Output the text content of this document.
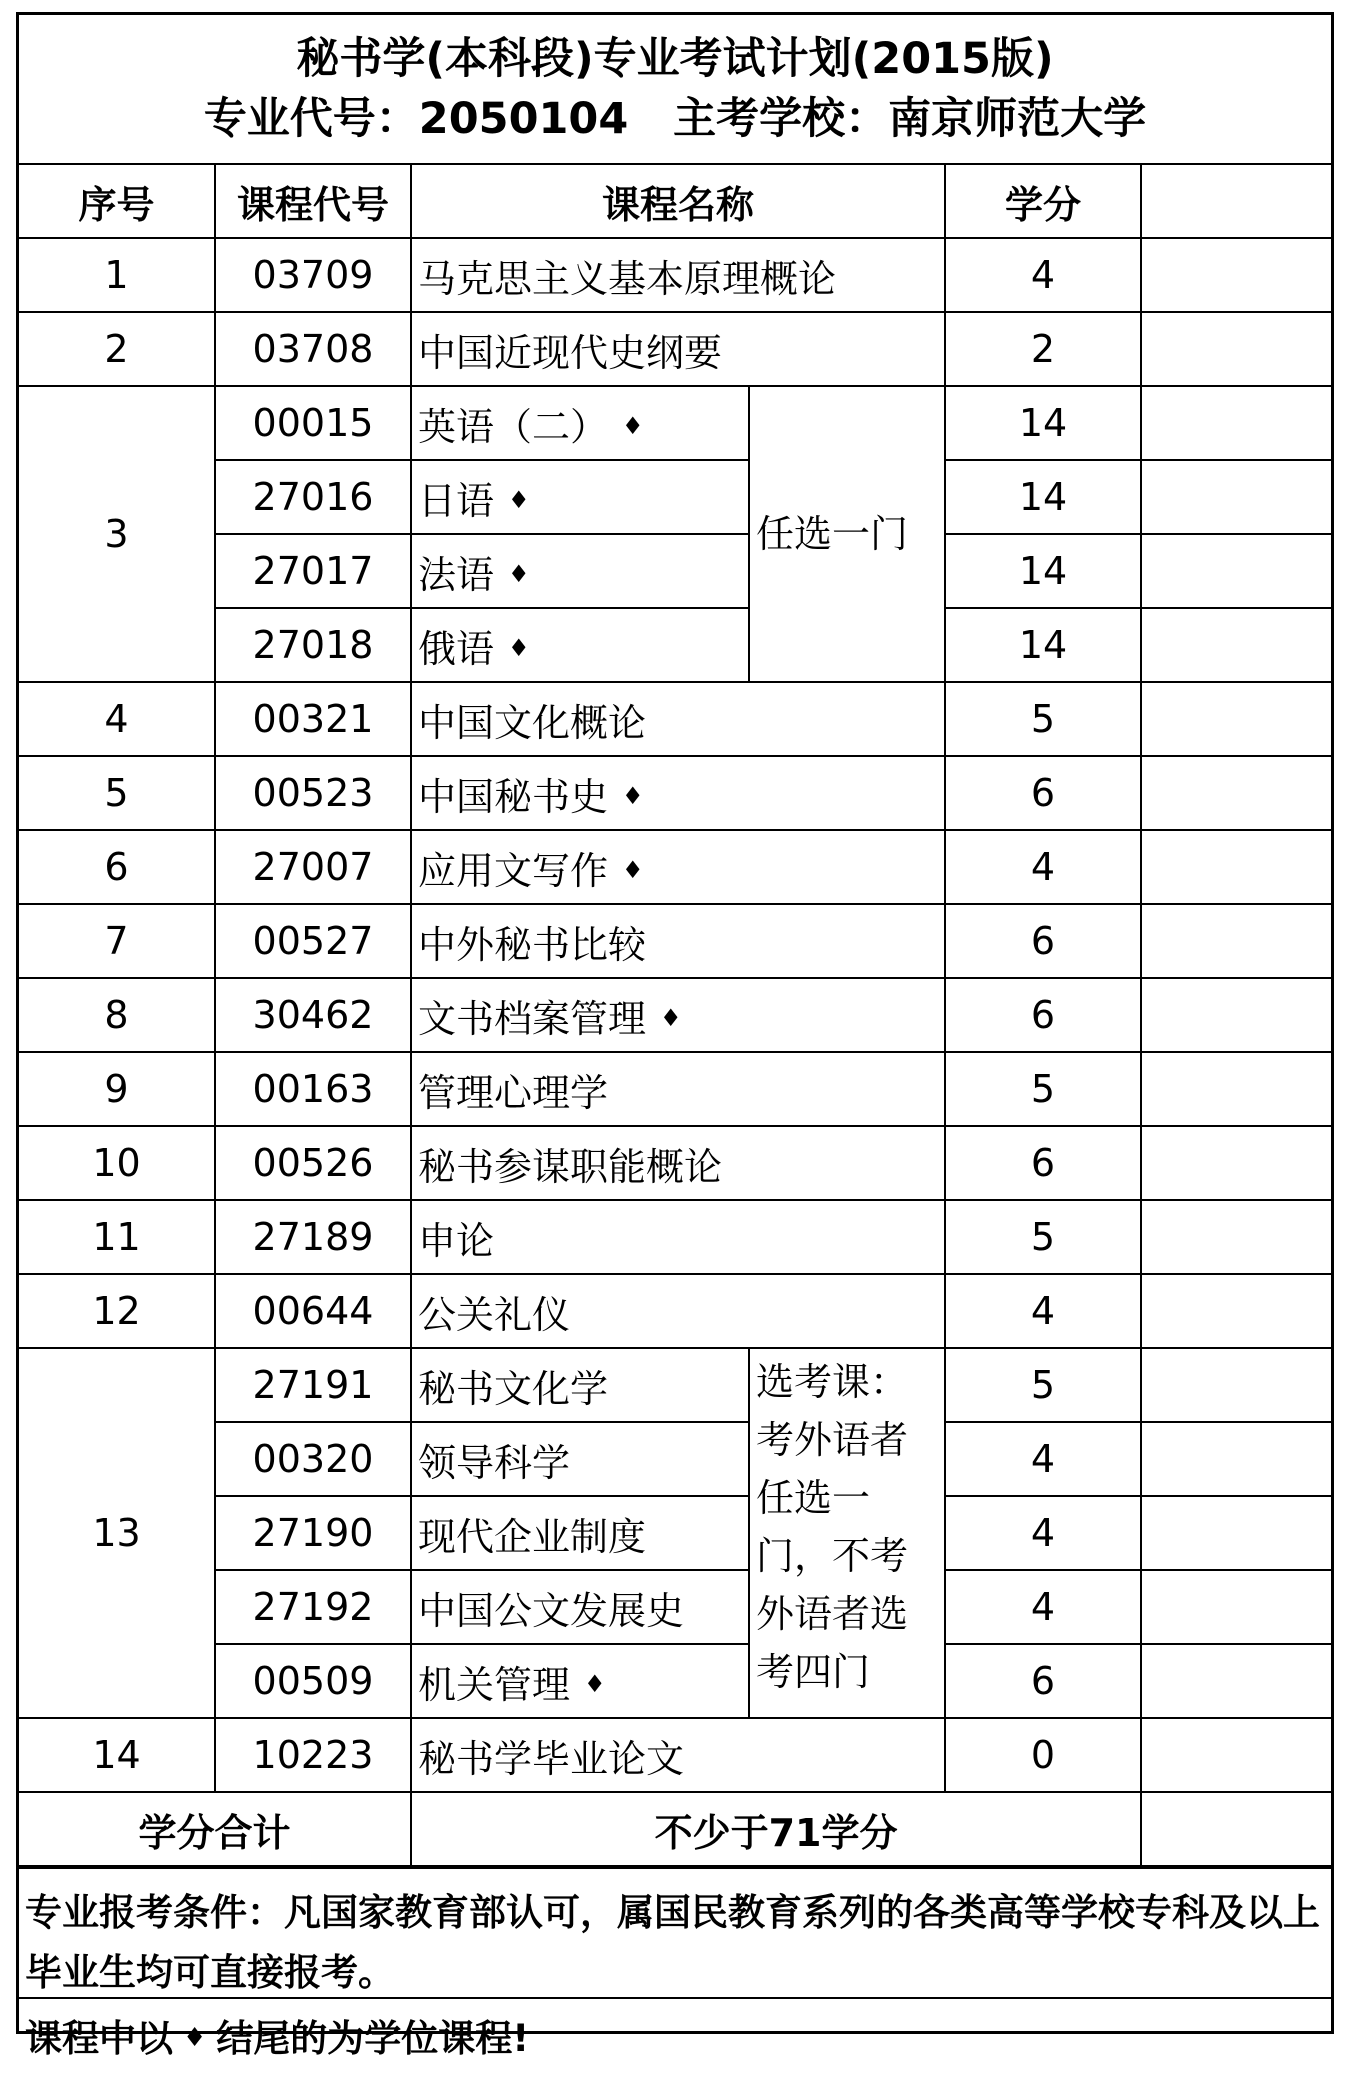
秘书学(本科段)专业考试计划(2015版)
专业代号：2050104   主考学校：南京师范大学
序号	课程代号	课程名称		学分	
1	03709	马克思主义基本原理概论		4	
2	03708	中国近现代史纲要		2	
3	00015	英语（二） ♦	任选一门	14	
	27016	日语 ♦		14	
	27017	法语 ♦		14	
	27018	俄语 ♦		14	
4	00321	中国文化概论		5	
5	00523	中国秘书史 ♦		6	
6	27007	应用文写作 ♦		4	
7	00527	中外秘书比较		6	
8	30462	文书档案管理 ♦		6	
9	00163	管理心理学		5	
10	00526	秘书参谋职能概论		6	
11	27189	申论		5	
12	00644	公关礼仪		4	
13	27191	秘书文化学	选考课：考外语者任选一门，不考外语者选考四门	5	
	00320	领导科学		4	
	27190	现代企业制度		4	
	27192	中国公文发展史		4	
	00509	机关管理 ♦		6	
14	10223	秘书学毕业论文		0	
学分合计		不少于71学分			
专业报考条件：凡国家教育部认可，属国民教育系列的各类高等学校专科及以上毕业生均可直接报考。
课程中以 ♦ 结尾的为学位课程!
